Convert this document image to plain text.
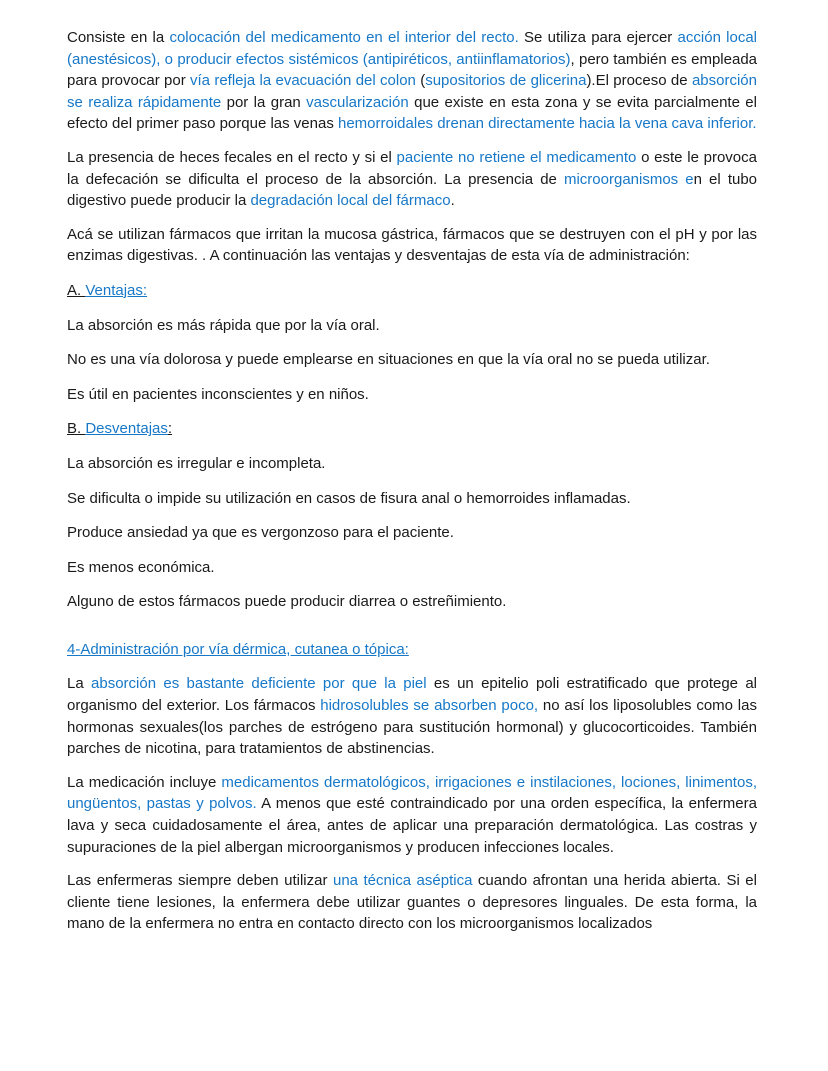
Consiste en la colocación del medicamento en el interior del recto. Se utiliza para ejercer acción local (anestésicos), o producir efectos sistémicos (antipiréticos, antiinflamatorios), pero también es empleada para provocar por vía refleja la evacuación del colon (supositorios de glicerina).El proceso de absorción se realiza rápidamente por la gran vascularización que existe en esta zona y se evita parcialmente el efecto del primer paso porque las venas hemorroidales drenan directamente hacia la vena cava inferior.

La presencia de heces fecales en el recto y si el paciente no retiene el medicamento o este le provoca la defecación se dificulta el proceso de la absorción. La presencia de microorganismos en el tubo digestivo puede producir la degradación local del fármaco.

Acá se utilizan fármacos que irritan la mucosa gástrica, fármacos que se destruyen con el pH y por las enzimas digestivas. . A continuación las ventajas y desventajas de esta vía de administración:

A. Ventajas:

La absorción es más rápida que por la vía oral.

No es una vía dolorosa y puede emplearse en situaciones en que la vía oral no se pueda utilizar.

Es útil en pacientes inconscientes y en niños.

B. Desventajas:

La absorción es irregular e incompleta.

Se dificulta o impide su utilización en casos de fisura anal o hemorroides inflamadas.

Produce ansiedad ya que es vergonzoso para el paciente.

Es menos económica.

Alguno de estos fármacos puede producir diarrea o estreñimiento.

4-Administración por vía dérmica, cutanea o tópica:

La absorción es bastante deficiente por que la piel es un epitelio poli estratificado que protege al organismo del exterior. Los fármacos hidrosolubles se absorben poco, no así los liposolubles como las hormonas sexuales(los parches de estrógeno para sustitución hormonal) y glucocorticoides. También parches de nicotina, para tratamientos de abstinencias.

La medicación incluye medicamentos dermatológicos, irrigaciones e instilaciones, lociones, linimentos, ungüentos, pastas y polvos. A menos que esté contraindicado por una orden específica, la enfermera lava y seca cuidadosamente el área, antes de aplicar una preparación dermatológica. Las costras y supuraciones de la piel albergan microorganismos y producen infecciones locales.

Las enfermeras siempre deben utilizar una técnica aséptica cuando afrontan una herida abierta. Si el cliente tiene lesiones, la enfermera debe utilizar guantes o depresores linguales. De esta forma, la mano de la enfermera no entra en contacto directo con los microorganismos localizados
